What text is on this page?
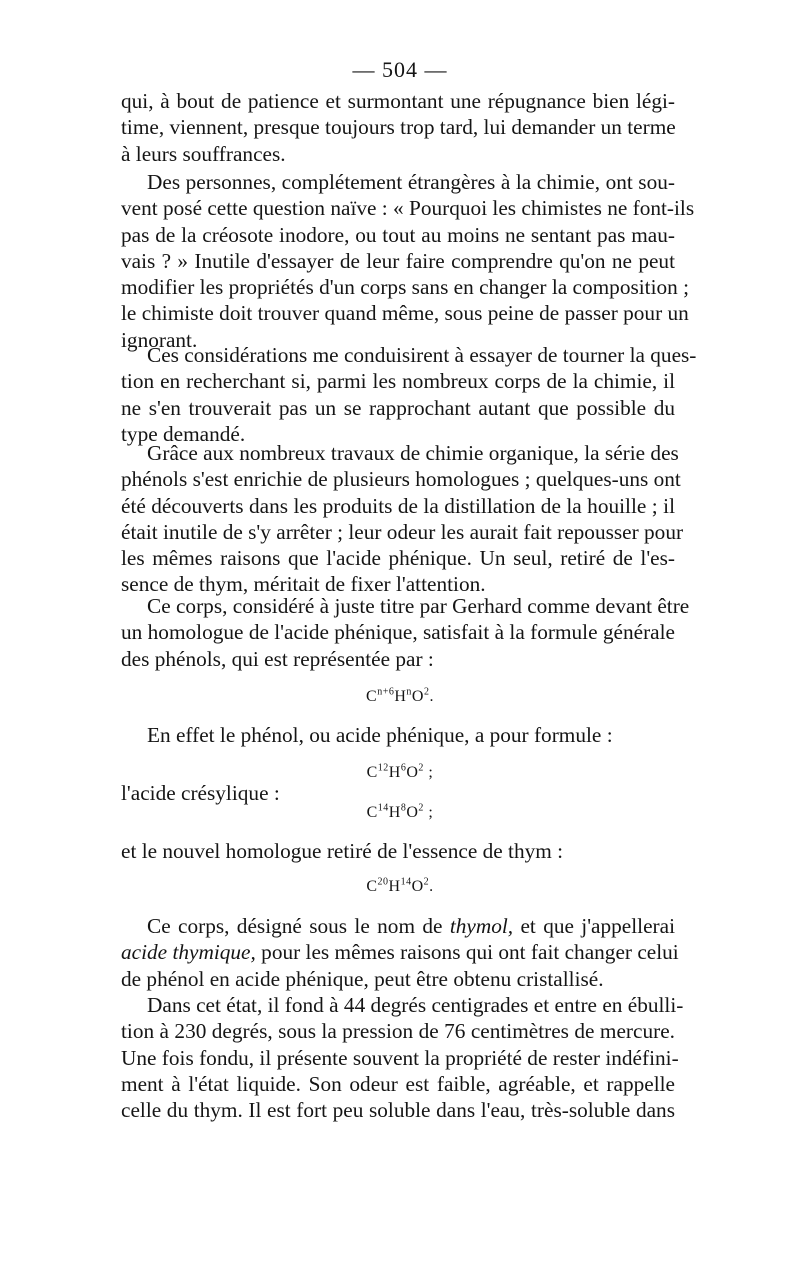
— 504 —
qui, à bout de patience et surmontant une répugnance bien légi-
time, viennent, presque toujours trop tard, lui demander un terme
à leurs souffrances.
Des personnes, complétement étrangères à la chimie, ont sou-
vent posé cette question naïve : « Pourquoi les chimistes ne font-ils
pas de la créosote inodore, ou tout au moins ne sentant pas mau-
vais ? » Inutile d'essayer de leur faire comprendre qu'on ne peut
modifier les propriétés d'un corps sans en changer la composition ;
le chimiste doit trouver quand même, sous peine de passer pour un
ignorant.
Ces considérations me conduisirent à essayer de tourner la ques-
tion en recherchant si, parmi les nombreux corps de la chimie, il
ne s'en trouverait pas un se rapprochant autant que possible du
type demandé.
Grâce aux nombreux travaux de chimie organique, la série des
phénols s'est enrichie de plusieurs homologues ; quelques-uns ont
été découverts dans les produits de la distillation de la houille ; il
était inutile de s'y arrêter ; leur odeur les aurait fait repousser pour
les mêmes raisons que l'acide phénique. Un seul, retiré de l'es-
sence de thym, méritait de fixer l'attention.
Ce corps, considéré à juste titre par Gerhard comme devant être
un homologue de l'acide phénique, satisfait à la formule générale
des phénols, qui est représentée par :
$C^{n+6}H^nO^2$.
En effet le phénol, ou acide phénique, a pour formule :
$C^{12}H^6O^2$ ;
l'acide crésylique :
$C^{14}H^8O^2$ ;
et le nouvel homologue retiré de l'essence de thym :
$C^{20}H^{14}O^2$.
Ce corps, désigné sous le nom de thymol, et que j'appellerai
acide thymique, pour les mêmes raisons qui ont fait changer celui
de phénol en acide phénique, peut être obtenu cristallisé.
Dans cet état, il fond à 44 degrés centigrades et entre en ébulli-
tion à 230 degrés, sous la pression de 76 centimètres de mercure.
Une fois fondu, il présente souvent la propriété de rester indéfini-
ment à l'état liquide. Son odeur est faible, agréable, et rappelle
celle du thym. Il est fort peu soluble dans l'eau, très-soluble dans
